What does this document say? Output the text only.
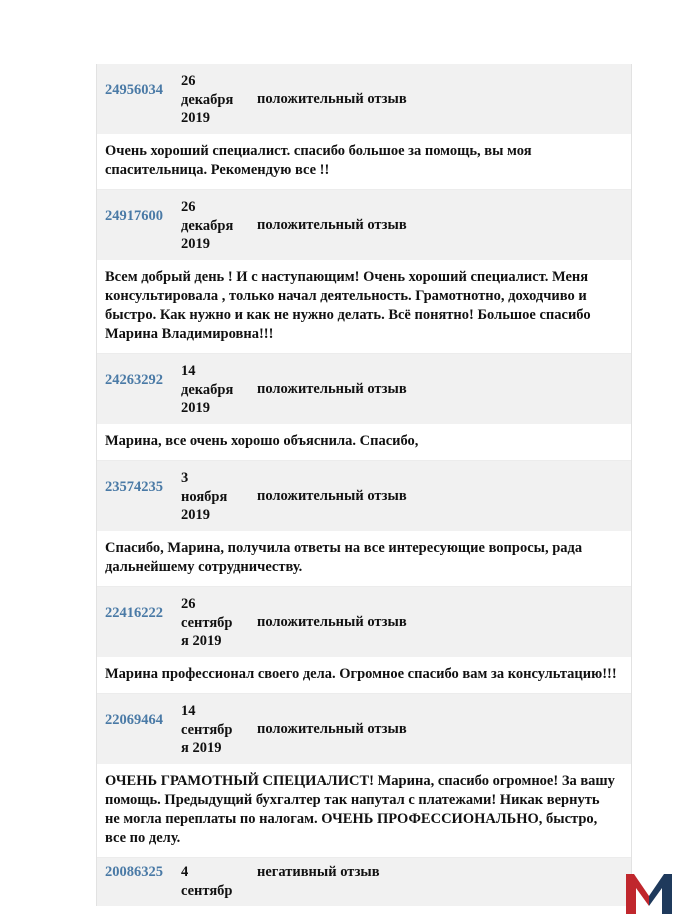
24956034
26
декабря
2019
положительный отзыв
Очень хороший специалист. спасибо большое за помощь, вы моя спасительница. Рекомендую все !!
24917600
26
декабря
2019
положительный отзыв
Всем добрый день ! И с наступающим! Очень хороший специалист. Меня консультировала , только начал деятельность. Грамотнотно, доходчиво и быстро. Как нужно и как не нужно делать. Всё понятно! Большое спасибо Марина Владимировна!!!
24263292
14
декабря
2019
положительный отзыв
Марина, все очень хорошо объяснила. Спасибо,
23574235
3
ноября
2019
положительный отзыв
Спасибо, Марина, получила ответы на все интересующие вопросы, рада дальнейшему сотрудничеству.
22416222
26
сентябр
я 2019
положительный отзыв
Марина профессионал своего дела. Огромное спасибо вам за консультацию!!!
22069464
14
сентябр
я 2019
положительный отзыв
ОЧЕНЬ ГРАМОТНЫЙ СПЕЦИАЛИСТ! Марина, спасибо огромное! За вашу помощь. Предыдущий бухгалтер так напутал с платежами! Никак вернуть не могла переплаты по налогам. ОЧЕНЬ ПРОФЕССИОНАЛЬНО, быстро, все по делу.
20086325 4
сентябр
негативный отзыв
